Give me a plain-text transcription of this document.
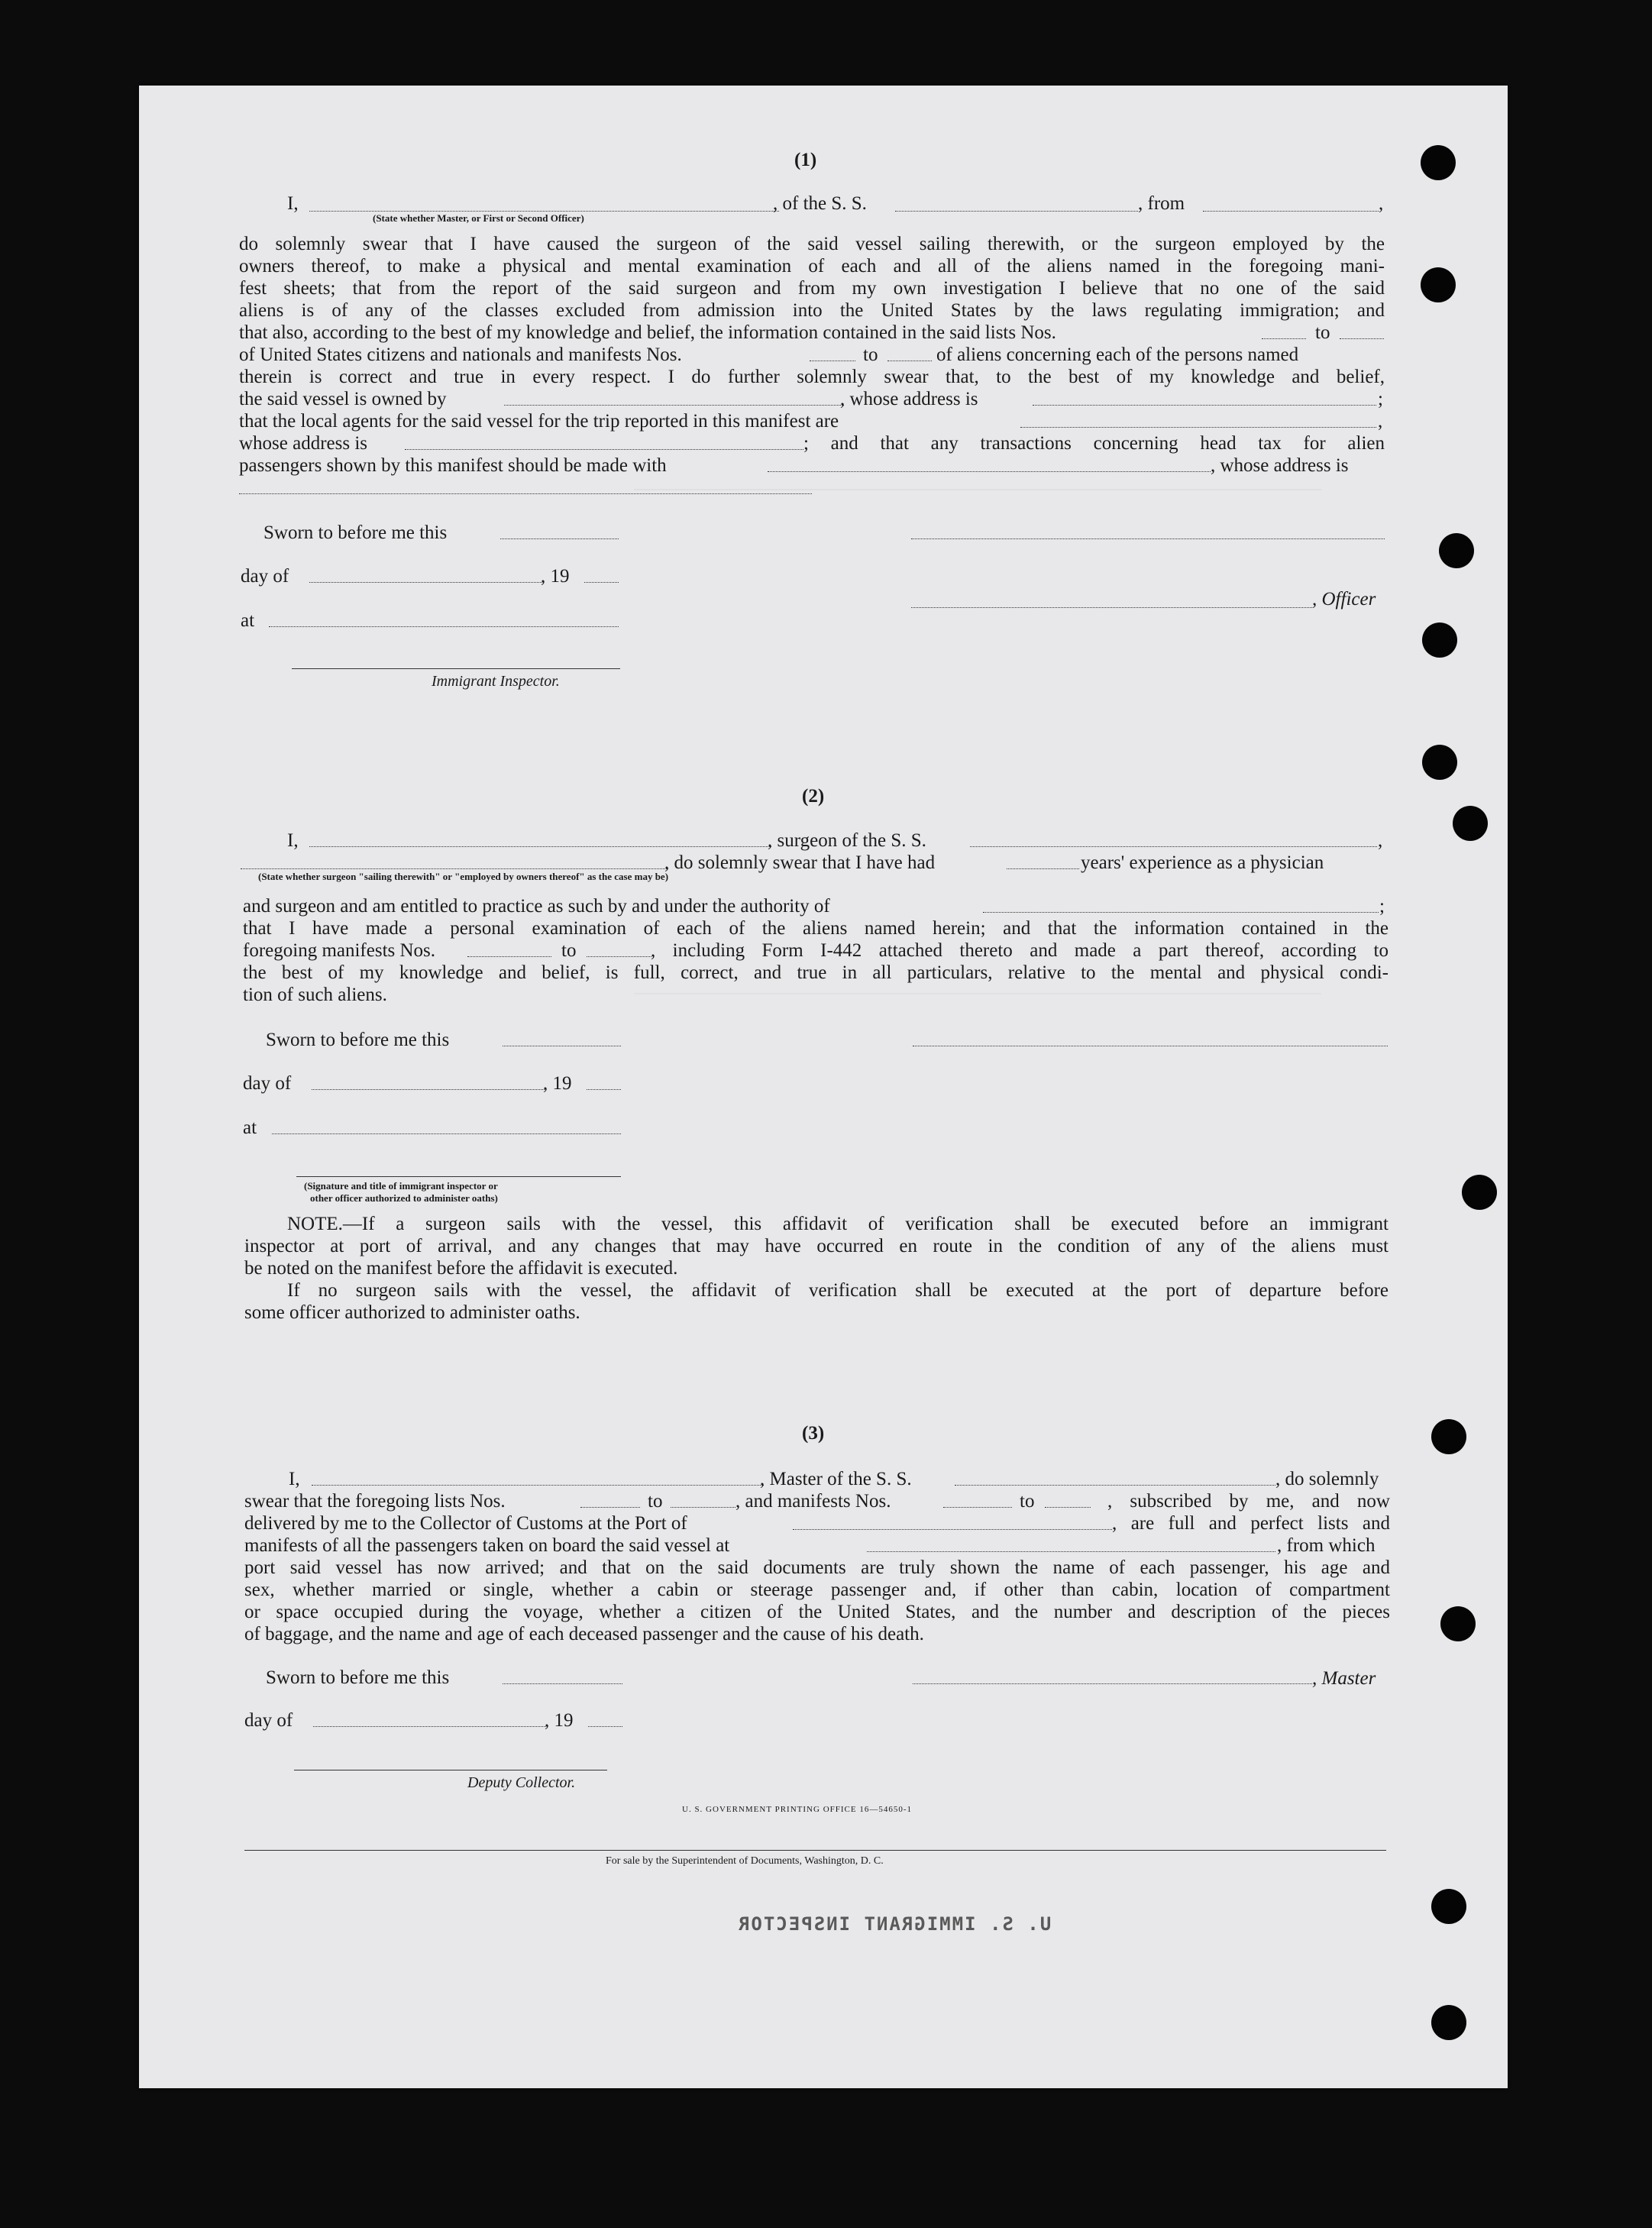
(1)
I,	, of the S. S.	, from	,
(State whether Master, or First or Second Officer)
do solemnly swear that I have caused the surgeon of the said vessel sailing therewith, or the surgeon employed by the
owners thereof, to make a physical and mental examination of each and all of the aliens named in the foregoing mani-
fest sheets; that from the report of the said surgeon and from my own investigation I believe that no one of the said
aliens is of any of the classes excluded from admission into the United States by the laws regulating immigration; and
that also, according to the best of my knowledge and belief, the information contained in the said lists Nos.	to
of United States citizens and nationals and manifests Nos.	to	of aliens concerning each of the persons named
therein is correct and true in every respect. I do further solemnly swear that, to the best of my knowledge and belief,
the said vessel is owned by	, whose address is	;
that the local agents for the said vessel for the trip reported in this manifest are	,
whose address is	; and that any transactions concerning head tax for alien
passengers shown by this manifest should be made with	, whose address is
Sworn to before me this
day of	, 19
, Officer
at
Immigrant Inspector.
(2)
I,	, surgeon of the S. S.	,
, do solemnly swear that I have had	years' experience as a physician
(State whether surgeon "sailing therewith" or "employed by owners thereof" as the case may be)
and surgeon and am entitled to practice as such by and under the authority of	;
that I have made a personal examination of each of the aliens named herein; and that the information contained in the
foregoing manifests Nos.	to	, including Form I-442 attached thereto and made a part thereof, according to
the best of my knowledge and belief, is full, correct, and true in all particulars, relative to the mental and physical condi-
tion of such aliens.
Sworn to before me this
day of	, 19
at
(Signature and title of immigrant inspector or
other officer authorized to administer oaths)
NOTE.—If a surgeon sails with the vessel, this affidavit of verification shall be executed before an immigrant
inspector at port of arrival, and any changes that may have occurred en route in the condition of any of the aliens must
be noted on the manifest before the affidavit is executed.
If no surgeon sails with the vessel, the affidavit of verification shall be executed at the port of departure before
some officer authorized to administer oaths.
(3)
I,	, Master of the S. S.	, do solemnly
swear that the foregoing lists Nos.	to	, and manifests Nos.	to	, subscribed by me, and now
delivered by me to the Collector of Customs at the Port of	, are full and perfect lists and
manifests of all the passengers taken on board the said vessel at	, from which
port said vessel has now arrived; and that on the said documents are truly shown the name of each passenger, his age and
sex, whether married or single, whether a cabin or steerage passenger and, if other than cabin, location of compartment
or space occupied during the voyage, whether a citizen of the United States, and the number and description of the pieces
of baggage, and the name and age of each deceased passenger and the cause of his death.
Sworn to before me this	, Master
day of	, 19
Deputy Collector.
U. S. GOVERNMENT PRINTING OFFICE 16—54650-1
For sale by the Superintendent of Documents, Washington, D. C.
U. S. IMMIGRANT INSPECTOR
